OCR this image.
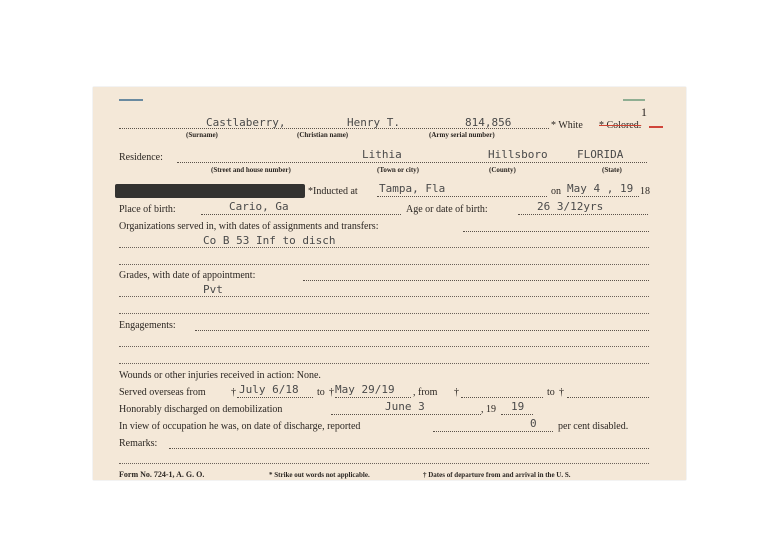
1
Castlaberry,	Henry T.	814,856	* White * Colored.
(Surname)	(Christian name)	(Army serial number)
Residence:	Lithia	Hillsboro	FLORIDA
(Street and house number)	(Town or city)	(County)	(State)
*Inducted at Tampa, Fla	on May 4 , 19 18
Place of birth:	Cario, Ga	Age or date of birth:	26 3/12yrs
Organizations served in, with dates of assignments and transfers:
Co B 53 Inf to disch
Grades, with date of appointment:
Pvt
Engagements:
Wounds or other injuries received in action: None.
Served overseas from	† July 6/18 to † May 29/19 , from †	to †
Honorably discharged on demobilization	June 3	, 19 19
In view of occupation he was, on date of discharge, reported	0 per cent disabled.
Remarks:
Form No. 724-1, A. G. O.	* Strike out words not applicable.	† Dates of departure from and arrival in the U. S.
